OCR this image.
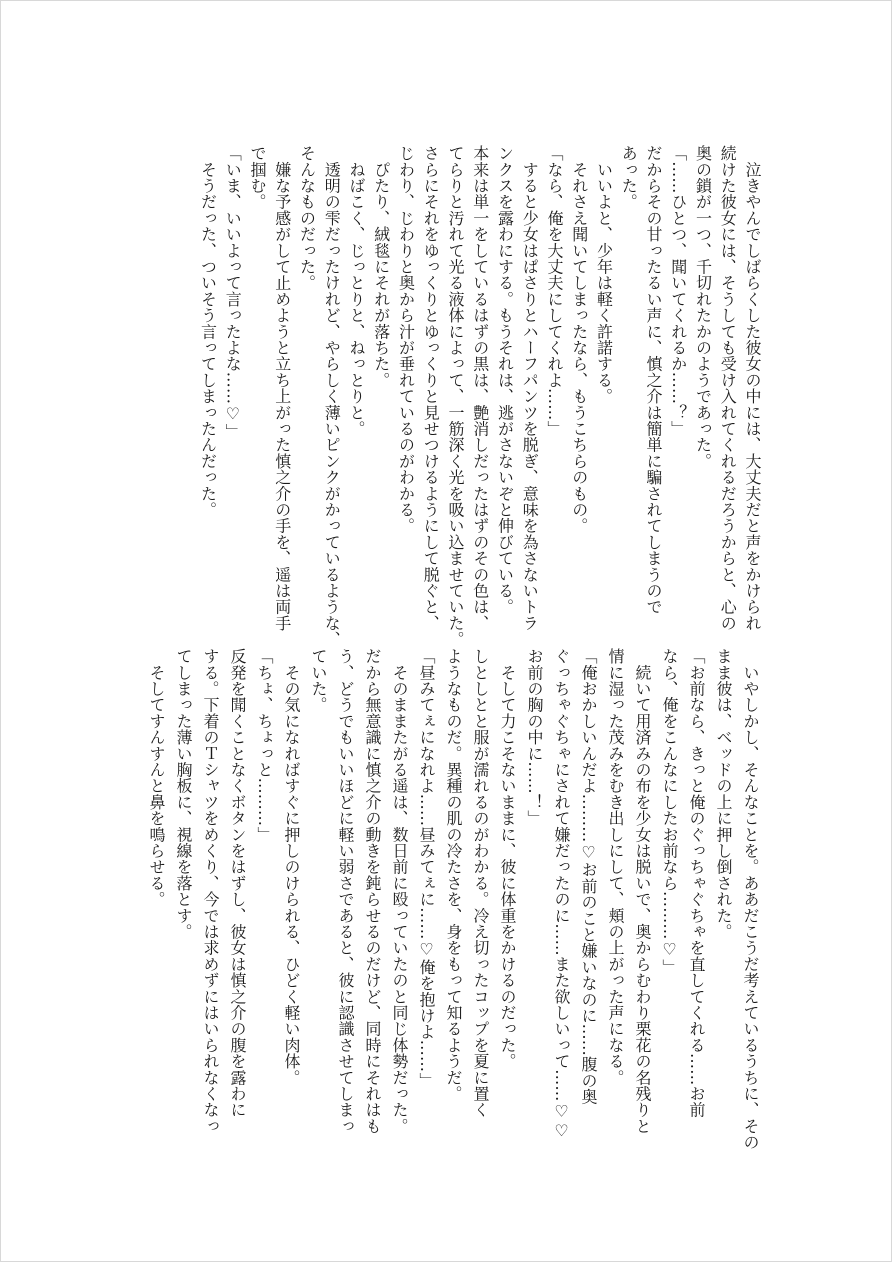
　泣きやんでしばらくした彼女の中には、大丈夫だと声をかけられ
続けた彼女には、そうしても受け入れてくれるだろうからと、心の
奥の鎖が一つ、千切れたかのようであった。
「……ひとつ、聞いてくれるか……？」
だからその甘ったるい声に、慎之介は簡単に騙されてしまうので
あった。
　いいよと、少年は軽く許諾する。
　それさえ聞いてしまったなら、もうこちらのもの。
「なら、俺を大丈夫にしてくれよ……」
　すると少女はぱさりとハーフパンツを脱ぎ、意味を為さないトラ
ンクスを露わにする。もうそれは、逃がさないぞと伸びている。
本来は単一をしているはずの黒は、艶消しだったはずのその色は、
てらりと汚れて光る液体によって、一筋深く光を吸い込ませていた。
さらにそれをゆっくりとゆっくりと見せつけるようにして脱ぐと、
じわり、じわりと奥から汁が垂れているのがわかる。
　ぴたり、絨毯にそれが落ちた。
　ねばこく、じっとりと、ねっとりと。
　透明の雫だったけれど、やらしく薄いピンクがかっているような、
そんなものだった。
　嫌な予感がして止めようと立ち上がった慎之介の手を、遥は両手
で掴む。
「いま、いいよって言ったよな……♡」
　そうだった、ついそう言ってしまったんだった。
　いやしかし、そんなことを。ああだこうだ考えているうちに、その
まま彼は、ベッドの上に押し倒された。
「お前なら、きっと俺のぐっちゃぐちゃを直してくれる……お前
なら、俺をこんなにしたお前なら………♡」
　続いて用済みの布を少女は脱いで、奥からむわり栗花の名残りと
情に湿った茂みをむき出しにして、頬の上がった声になる。
「俺おかしいんだよ………♡お前のこと嫌いなのに……腹の奥
ぐっちゃぐちゃにされて嫌だったのに……また欲しいって……♡♡
お前の胸の中に……！」
　そして力こそないままに、彼に体重をかけるのだった。
しとしとと服が濡れるのがわかる。冷え切ったコップを夏に置く
ようなものだ。異種の肌の冷たさを、身をもって知るようだ。
「昼みてぇになれよ……昼みてぇに……♡俺を抱けよ……」
　そのままたがる遥は、数日前に殴っていたのと同じ体勢だった。
だから無意識に慎之介の動きを鈍らせるのだけど、同時にそれはも
う、どうでもいいほどに軽い弱さであると、彼に認識させてしまっ
ていた。
　その気になればすぐに押しのけられる、ひどく軽い肉体。
「ちょ、ちょっと………」
反発を聞くことなくボタンをはずし、彼女は慎之介の腹を露わに
する。下着のＴシャツをめくり、今では求めずにはいられなくなっ
てしまった薄い胸板に、視線を落とす。
　そしてすんすんと鼻を鳴らせる。
